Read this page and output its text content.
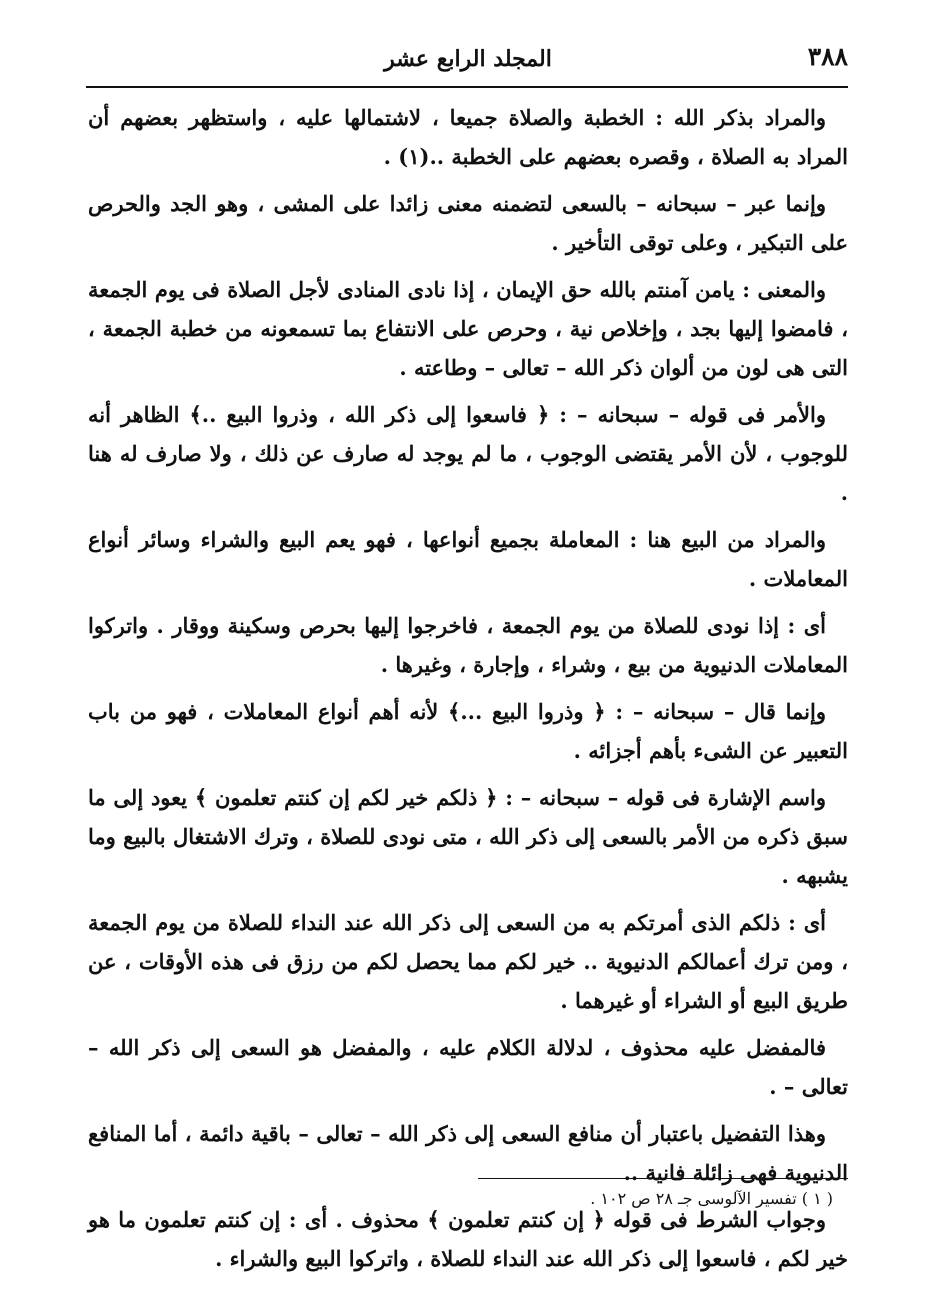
٣٨٨
المجلد الرابع عشر

والمراد بذكر الله : الخطبة والصلاة جميعا ، لاشتمالها عليه ، واستظهر بعضهم أن المراد به الصلاة ، وقصره بعضهم على الخطبة ..(١) .

وإنما عبر – سبحانه – بالسعى لتضمنه معنى زائدا على المشى ، وهو الجد والحرص على التبكير ، وعلى توقى التأخير .

والمعنى : يامن آمنتم بالله حق الإيمان ، إذا نادى المنادى لأجل الصلاة فى يوم الجمعة ، فامضوا إليها بجد ، وإخلاص نية ، وحرص على الانتفاع بما تسمعونه من خطبة الجمعة ، التى هى لون من ألوان ذكر الله – تعالى – وطاعته .

والأمر فى قوله – سبحانه – : ﴿ فاسعوا إلى ذكر الله ، وذروا البيع ..﴾ الظاهر أنه للوجوب ، لأن الأمر يقتضى الوجوب ، ما لم يوجد له صارف عن ذلك ، ولا صارف له هنا .

والمراد من البيع هنا : المعاملة بجميع أنواعها ، فهو يعم البيع والشراء وسائر أنواع المعاملات .

أى : إذا نودى للصلاة من يوم الجمعة ، فاخرجوا إليها بحرص وسكينة ووقار . واتركوا المعاملات الدنيوية من بيع ، وشراء ، وإجارة ، وغيرها .

وإنما قال – سبحانه – : ﴿ وذروا البيع ...﴾ لأنه أهم أنواع المعاملات ، فهو من باب التعبير عن الشىء بأهم أجزائه .

واسم الإشارة فى قوله – سبحانه – : ﴿ ذلكم خير لكم إن كنتم تعلمون ﴾ يعود إلى ما سبق ذكره من الأمر بالسعى إلى ذكر الله ، متى نودى للصلاة ، وترك الاشتغال بالبيع وما يشبهه .

أى : ذلكم الذى أمرتكم به من السعى إلى ذكر الله عند النداء للصلاة من يوم الجمعة ، ومن ترك أعمالكم الدنيوية .. خير لكم مما يحصل لكم من رزق فى هذه الأوقات ، عن طريق البيع أو الشراء أو غيرهما .

فالمفضل عليه محذوف ، لدلالة الكلام عليه ، والمفضل هو السعى إلى ذكر الله – تعالى – .

وهذا التفضيل باعتبار أن منافع السعى إلى ذكر الله – تعالى – باقية دائمة ، أما المنافع الدنيوية فهى زائلة فانية ..

وجواب الشرط فى قوله ﴿ إن كنتم تعلمون ﴾ محذوف . أى : إن كنتم تعلمون ما هو خير لكم ، فاسعوا إلى ذكر الله عند النداء للصلاة ، واتركوا البيع والشراء .

( ١ ) تفسير الآلوسى جـ ٢٨ ص ١٠٢ .
